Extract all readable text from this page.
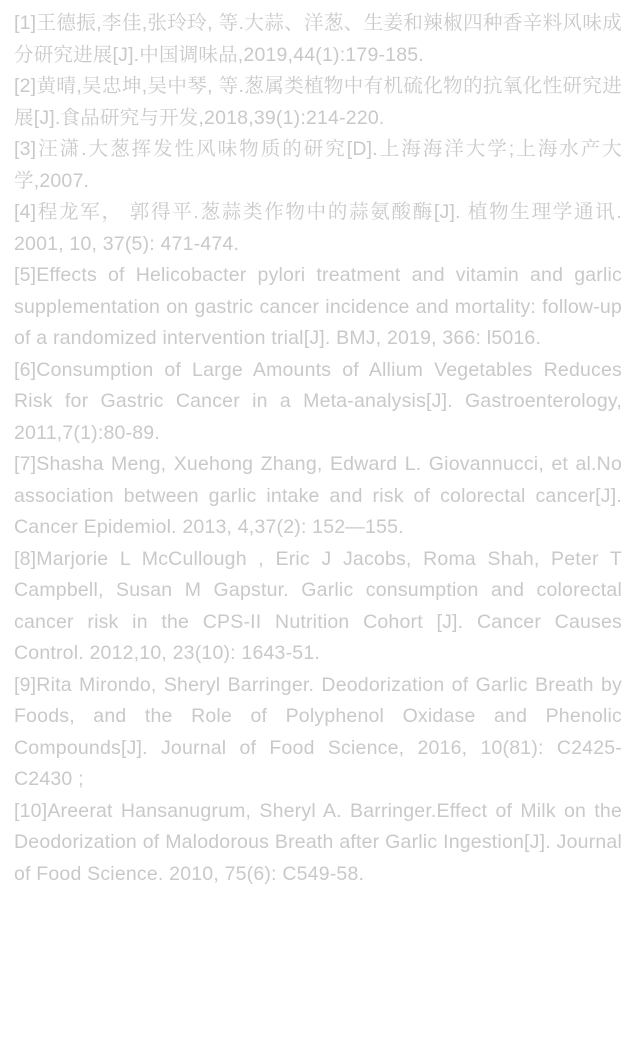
[1]王德振,李佳,张玲玲, 等.大蒜、洋葱、生姜和辣椒四种香辛料风味成分研究进展[J].中国调味品,2019,44(1):179-185.
[2]黄晴,吴忠坤,吴中琴, 等.葱属类植物中有机硫化物的抗氧化性研究进展[J].食品研究与开发,2018,39(1):214-220.
[3]汪潇.大葱挥发性风味物质的研究[D].上海海洋大学;上海水产大学,2007.
[4]程龙军， 郭得平.葱蒜类作物中的蒜氨酸酶[J]. 植物生理学通讯. 2001, 10, 37(5): 471-474.
[5]Effects of Helicobacter pylori treatment and vitamin and garlic supplementation on gastric cancer incidence and mortality: follow-up of a randomized intervention trial[J]. BMJ, 2019, 366: l5016.
[6]Consumption of Large Amounts of Allium Vegetables Reduces Risk for Gastric Cancer in a Meta-analysis[J]. Gastroenterology, 2011,7(1):80-89.
[7]Shasha Meng, Xuehong Zhang, Edward L. Giovannucci, et al.No association between garlic intake and risk of colorectal cancer[J]. Cancer Epidemiol. 2013, 4,37(2): 152—155.
[8]Marjorie L McCullough , Eric J Jacobs, Roma Shah, Peter T Campbell, Susan M Gapstur. Garlic consumption and colorectal cancer risk in the CPS-II Nutrition Cohort [J]. Cancer Causes Control. 2012,10, 23(10): 1643-51.
[9]Rita Mirondo, Sheryl Barringer. Deodorization of Garlic Breath by Foods, and the Role of Polyphenol Oxidase and Phenolic Compounds[J]. Journal of Food Science, 2016, 10(81): C2425-C2430 ;
[10]Areerat Hansanugrum, Sheryl A. Barringer.Effect of Milk on the Deodorization of Malodorous Breath after Garlic Ingestion[J]. Journal of Food Science. 2010, 75(6): C549-58.
